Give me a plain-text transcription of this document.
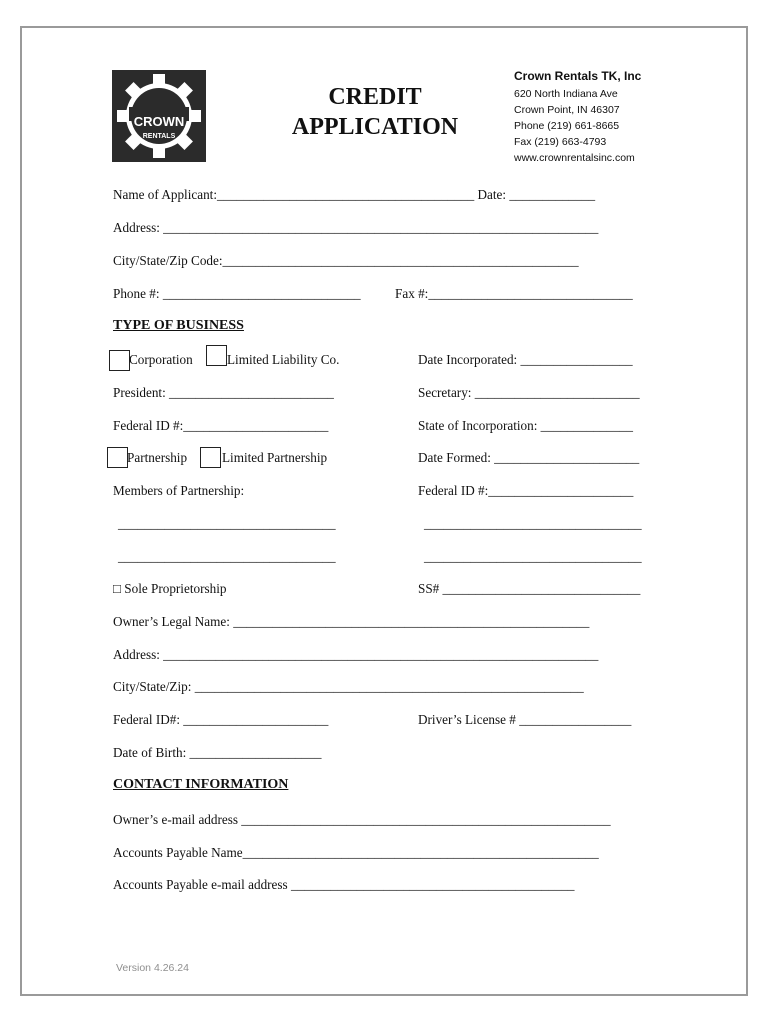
CROWN
RENTALS
CREDIT
APPLICATION
Crown Rentals TK, Inc
620 North Indiana Ave
Crown Point, IN 46307
Phone (219) 661-8665
Fax (219) 663-4793
www.crownrentalsinc.com
Name of Applicant:_______________________________________ Date: _____________
Address: __________________________________________________________________
City/State/Zip Code:______________________________________________________
Phone #: ______________________________	Fax #:_______________________________
TYPE OF BUSINESS
Corporation	Limited Liability Co.	Date Incorporated: _________________
President: _________________________	Secretary: _________________________
Federal ID #:______________________	State of Incorporation: ______________
Partnership	Limited Partnership	Date Formed: ______________________
Members of Partnership:	Federal ID #:______________________
_________________________________	_________________________________
_________________________________	_________________________________
□ Sole Proprietorship	SS# ______________________________
Owner’s Legal Name: ______________________________________________________
Address: __________________________________________________________________
City/State/Zip: ___________________________________________________________
Federal ID#: ______________________	Driver’s License # _________________
Date of Birth: ____________________
CONTACT INFORMATION
Owner’s e-mail address ________________________________________________________
Accounts Payable Name______________________________________________________
Accounts Payable e-mail address ___________________________________________
Version 4.26.24
